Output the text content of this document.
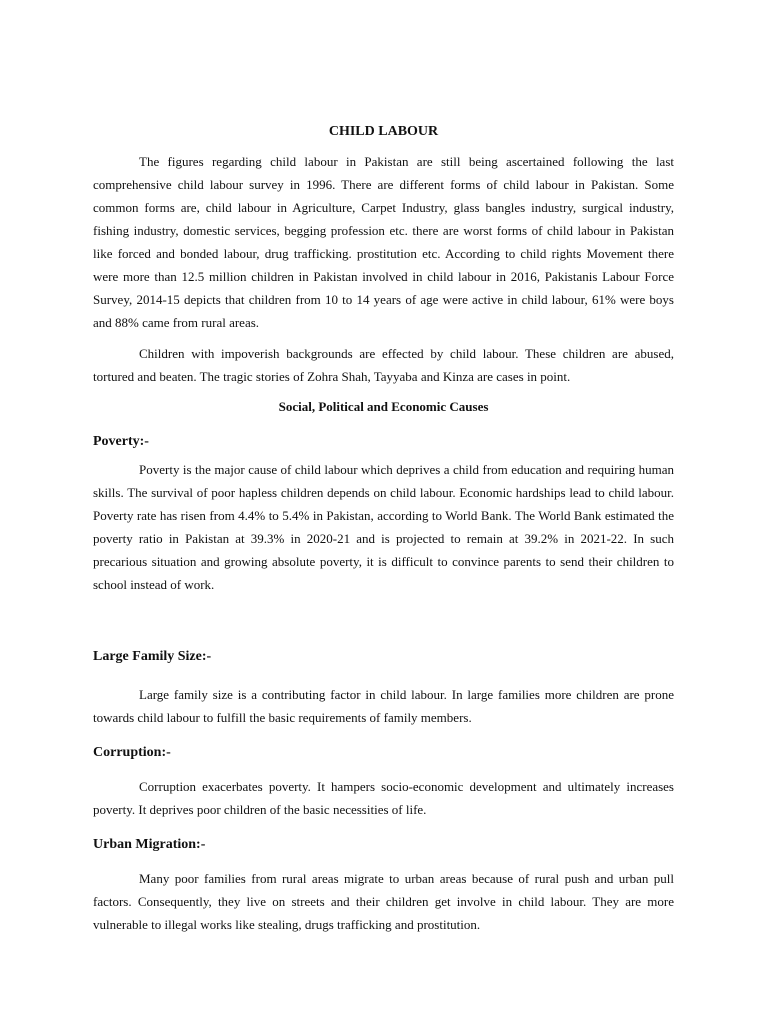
CHILD LABOUR

The figures regarding child labour in Pakistan are still being ascertained following the last comprehensive child labour survey in 1996. There are different forms of child labour in Pakistan. Some common forms are, child labour in Agriculture, Carpet Industry, glass bangles industry, surgical industry, fishing industry, domestic services, begging profession etc. there are worst forms of child labour in Pakistan like forced and bonded labour, drug trafficking. prostitution etc. According to child rights Movement there were more than 12.5 million children in Pakistan involved in child labour in 2016, Pakistanis Labour Force Survey, 2014-15 depicts that children from 10 to 14 years of age were active in child labour, 61% were boys and 88% came from rural areas.

Children with impoverish backgrounds are effected by child labour. These children are abused, tortured and beaten. The tragic stories of Zohra Shah, Tayyaba and Kinza are cases in point.

Social, Political and Economic Causes
Poverty:-

Poverty is the major cause of child labour which deprives a child from education and requiring human skills. The survival of poor hapless children depends on child labour. Economic hardships lead to child labour. Poverty rate has risen from 4.4% to 5.4% in Pakistan, according to World Bank. The World Bank estimated the poverty ratio in Pakistan at 39.3% in 2020-21 and is projected to remain at 39.2% in 2021-22. In such precarious situation and growing absolute poverty, it is difficult to convince parents to send their children to school instead of work.

Large Family Size:-

Large family size is a contributing factor in child labour. In large families more children are prone towards child labour to fulfill the basic requirements of family members.

Corruption:-

Corruption exacerbates poverty. It hampers socio-economic development and ultimately increases poverty. It deprives poor children of the basic necessities of life.

Urban Migration:-

Many poor families from rural areas migrate to urban areas because of rural push and urban pull factors. Consequently, they live on streets and their children get involve in child labour. They are more vulnerable to illegal works like stealing, drugs trafficking and prostitution.
